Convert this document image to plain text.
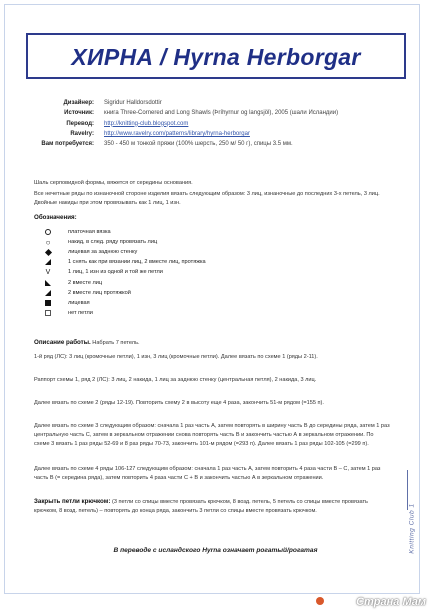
ХИРНА / Hyrna Herborgar
Дизайнер:	Sigridur Halldorsdottir
Источник:	книга Three-Cornered and Long Shawls (Þríhyrnur og langsjöl), 2005 (шали Исландии)
Перевод:	http://knitting-club.blogspot.com
Ravelry:	http://www.ravelry.com/patterns/library/hyrna-herborgar
Вам потребуется:	350 - 450 м тонкой пряжи (100% шерсть, 250 м/ 50 г), спицы 3.5 мм.
Шаль серповидной формы, вяжется от середины основания.
Все нечетные ряды по изнаночной стороне изделия вязать следующим образом: 3 лиц, изнаночные до последних 3-х петель, 3 лиц. Двойные накиды при этом провязывать как 1 лиц, 1 изн.
Обозначения:
платочная вязка
○	накид, в след. ряду провязать лиц
лицевая за заднюю стенку
1 снять как при вязании лиц, 2 вместе лиц, протяжка
V	1 лиц, 1 изн из одной и той же петли
2 вместе лиц
2 вместе лиц протяжкой
лицевая
нет петли
Описание работы. Набрать 7 петель.
1-й ряд (ЛС): 3 лиц (кромочные петли), 1 изн, 3 лиц (кромочные петли). Далее вязать по схеме 1 (ряды 2-11).
Раппорт схемы 1, ряд 2 (ЛС): 3 лиц, 2 накида, 1 лиц за заднюю стенку (центральная петля), 2 накида, 3 лиц.
Далее вязать по схеме 2 (ряды 12-19). Повторить схему 2 в высоту еще 4 раза, закончить 51-м рядом (=155 п).
Далее вязать по схеме 3 следующим образом: сначала 1 раз часть А, затем повторять в ширину часть В до середины ряда, затем 1 раз центральную часть С, затем в зеркальном отражении снова повторять часть В и закончить частью А в зеркальном отражении. По схеме 3 вязать 1 раз ряды 52-69 и 8 раз ряды 70-73, закончить 101-м рядом (=293 п). Далее вязать 1 раз ряды 102-105 (=299 п).
Далее вязать по схеме 4 ряды 106-127 следующим образом: сначала 1 раз часть А, затем повторить 4 раза части В – С, затем 1 раз часть В (= середина ряда), затем повторить 4 раза части С + В и закончить частью А в зеркальном отражении.
Закрыть петли крючком: (3 петли со спицы вместе провязать крючком, 8 возд. петель, 5 петель со спицы вместе провязать крючком, 8 возд. петель) – повторять до конца ряда, закончить 3 петли со спицы вместе провязать крючком.
В переводе с исландского Hyrna означает рогатый/рогатая	Knitting Club 1
Страна Мам
